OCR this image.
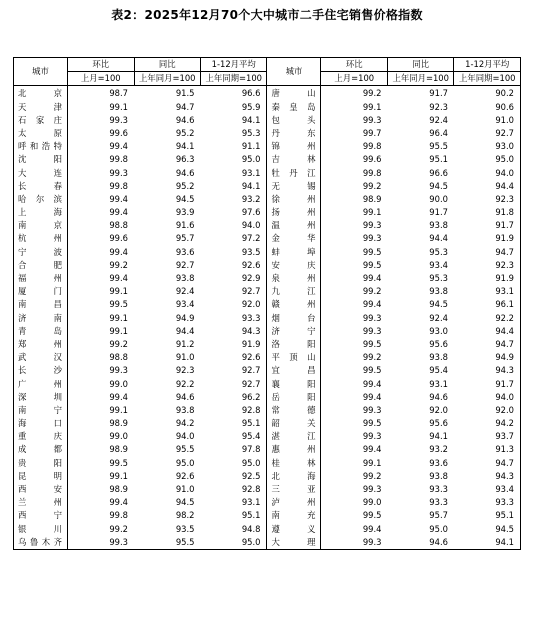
表2：2025年12月70个大中城市二手住宅销售价格指数
城市	环比	同比	1-12月平均	城市	环比	同比	1-12月平均
	上月=100	上年同月=100	上年同期=100		上月=100	上年同月=100	上年同期=100
北京	98.7	91.5	96.6	唐山	99.2	91.7	90.2
天津	99.1	94.7	95.9	秦皇岛	99.1	92.3	90.6
石家庄	99.3	94.6	94.1	包头	99.3	92.4	91.0
太原	99.6	95.2	95.3	丹东	99.7	96.4	92.7
呼和浩特	99.4	94.1	91.1	锦州	99.8	95.5	93.0
沈阳	99.8	96.3	95.0	吉林	99.6	95.1	95.0
大连	99.3	94.6	93.1	牡丹江	99.8	96.6	94.0
长春	99.8	95.2	94.1	无锡	99.2	94.5	94.4
哈尔滨	99.4	94.5	93.2	徐州	98.9	90.0	92.3
上海	99.4	93.9	97.6	扬州	99.1	91.7	91.8
南京	98.8	91.6	94.0	温州	99.3	93.8	91.7
杭州	99.6	95.7	97.2	金华	99.3	94.4	91.9
宁波	99.4	93.6	93.5	蚌埠	99.5	95.3	94.7
合肥	99.2	92.7	92.6	安庆	99.5	93.4	92.3
福州	99.4	93.8	92.9	泉州	99.4	95.3	91.9
厦门	99.1	92.4	92.7	九江	99.2	93.8	93.1
南昌	99.5	93.4	92.0	赣州	99.4	94.5	96.1
济南	99.1	94.9	93.3	烟台	99.3	92.4	92.2
青岛	99.1	94.4	94.3	济宁	99.3	93.0	94.4
郑州	99.2	91.2	91.9	洛阳	99.5	95.6	94.7
武汉	98.8	91.0	92.6	平顶山	99.2	93.8	94.9
长沙	99.3	92.3	92.7	宜昌	99.5	95.4	94.3
广州	99.0	92.2	92.7	襄阳	99.4	93.1	91.7
深圳	99.4	94.6	96.2	岳阳	99.4	94.6	94.0
南宁	99.1	93.8	92.8	常德	99.3	92.0	92.0
海口	98.9	94.2	95.1	韶关	99.5	95.6	94.2
重庆	99.0	94.0	95.4	湛江	99.3	94.1	93.7
成都	98.9	95.5	97.8	惠州	99.4	93.2	91.3
贵阳	99.5	95.0	95.0	桂林	99.1	93.6	94.7
昆明	99.1	92.6	92.5	北海	99.2	93.8	94.3
西安	98.9	91.0	92.8	三亚	99.3	93.3	93.4
兰州	99.4	94.5	93.1	泸州	99.0	93.3	93.3
西宁	99.8	98.2	95.1	南充	99.5	95.7	95.1
银川	99.2	93.5	94.8	遵义	99.4	95.0	94.5
乌鲁木齐	99.3	95.5	95.0	大理	99.3	94.6	94.1
